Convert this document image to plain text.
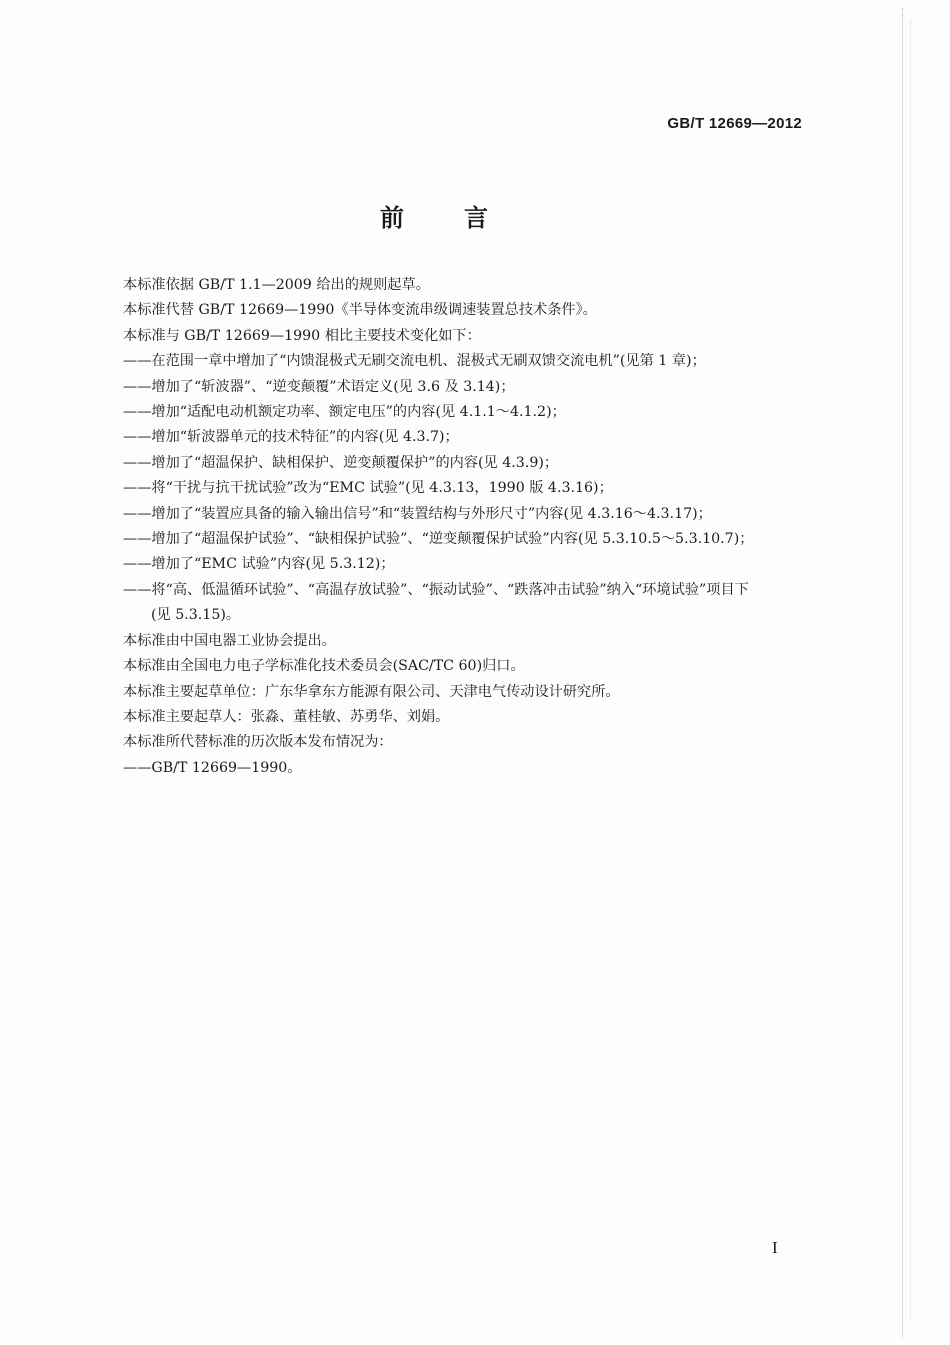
GB/T 12669—2012
前言
本标准依据 GB/T 1.1—2009 给出的规则起草。
本标准代替 GB/T 12669—1990《半导体变流串级调速装置总技术条件》。
本标准与 GB/T 12669—1990 相比主要技术变化如下：
——在范围一章中增加了“内馈混极式无刷交流电机、混极式无刷双馈交流电机”(见第 1 章)；
——增加了“斩波器”、“逆变颠覆”术语定义(见 3.6 及 3.14)；
——增加“适配电动机额定功率、额定电压”的内容(见 4.1.1～4.1.2)；
——增加“斩波器单元的技术特征”的内容(见 4.3.7)；
——增加了“超温保护、缺相保护、逆变颠覆保护”的内容(见 4.3.9)；
——将“干扰与抗干扰试验”改为“EMC 试验”(见 4.3.13，1990 版 4.3.16)；
——增加了“装置应具备的输入输出信号”和“装置结构与外形尺寸”内容(见 4.3.16～4.3.17)；
——增加了“超温保护试验”、“缺相保护试验”、“逆变颠覆保护试验”内容(见 5.3.10.5～5.3.10.7)；
——增加了“EMC 试验”内容(见 5.3.12)；
——将“高、低温循环试验”、“高温存放试验”、“振动试验”、“跌落冲击试验”纳入“环境试验”项目下
(见 5.3.15)。
本标准由中国电器工业协会提出。
本标准由全国电力电子学标准化技术委员会(SAC/TC 60)归口。
本标准主要起草单位：广东华拿东方能源有限公司、天津电气传动设计研究所。
本标准主要起草人：张淼、董桂敏、苏勇华、刘娟。
本标准所代替标准的历次版本发布情况为：
——GB/T 12669—1990。
I
